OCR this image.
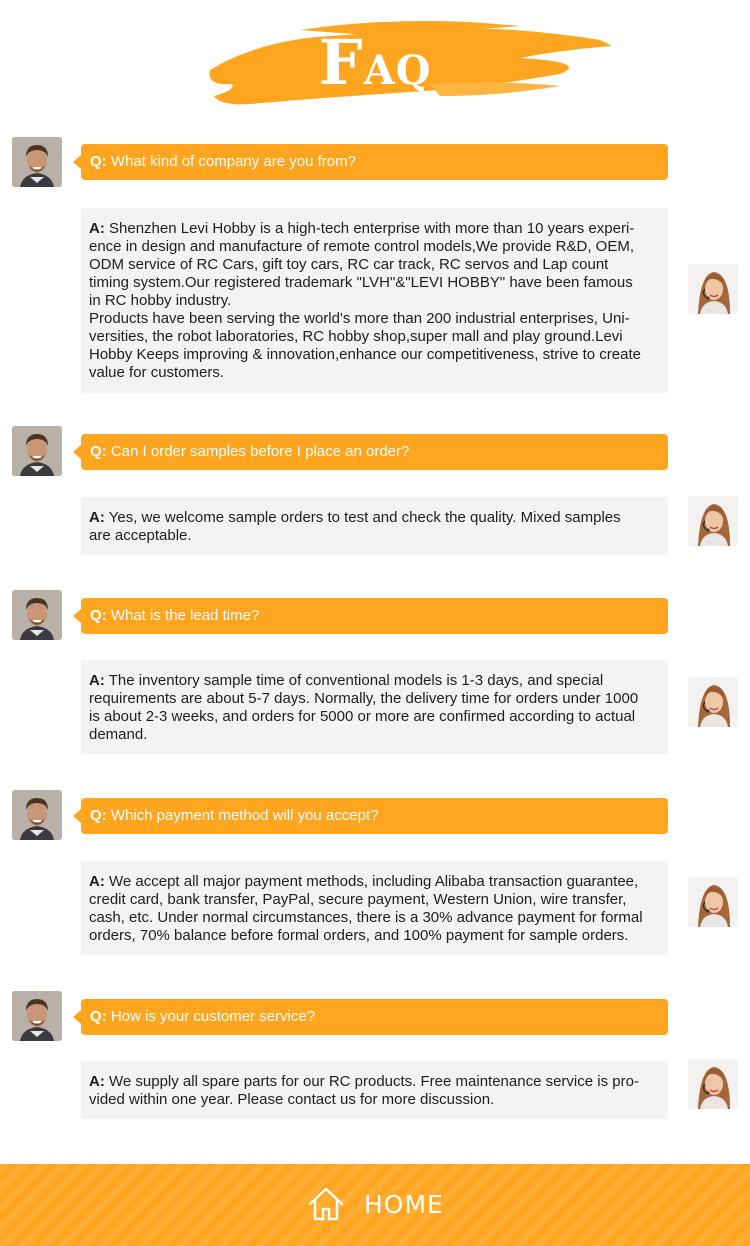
FAQ
Q: What kind of company are you from?
A: Shenzhen Levi Hobby is a high-tech enterprise with more than 10 years experi-
ence in design and manufacture of remote control models,We provide R&D, OEM,
ODM service of RC Cars, gift toy cars, RC car track, RC servos and Lap count
timing system.Our registered trademark "LVH"&"LEVI HOBBY" have been famous
in RC hobby industry.
Products have been serving the world's more than 200 industrial enterprises, Uni-
versities, the robot laboratories, RC hobby shop,super mall and play ground.Levi
Hobby Keeps improving & innovation,enhance our competitiveness, strive to create
value for customers.
Q: Can I order samples before I place an order?
A: Yes, we welcome sample orders to test and check the quality. Mixed samples
are acceptable.
Q: What is the lead time?
A: The inventory sample time of conventional models is 1-3 days, and special
requirements are about 5-7 days. Normally, the delivery time for orders under 1000
is about 2-3 weeks, and orders for 5000 or more are confirmed according to actual
demand.
Q: Which payment method will you accept?
A: We accept all major payment methods, including Alibaba transaction guarantee,
credit card, bank transfer, PayPal, secure payment, Western Union, wire transfer,
cash, etc. Under normal circumstances, there is a 30% advance payment for formal
orders, 70% balance before formal orders, and 100% payment for sample orders.
Q: How is your customer service?
A: We supply all spare parts for our RC products. Free maintenance service is pro-
vided within one year. Please contact us for more discussion.
HOME
